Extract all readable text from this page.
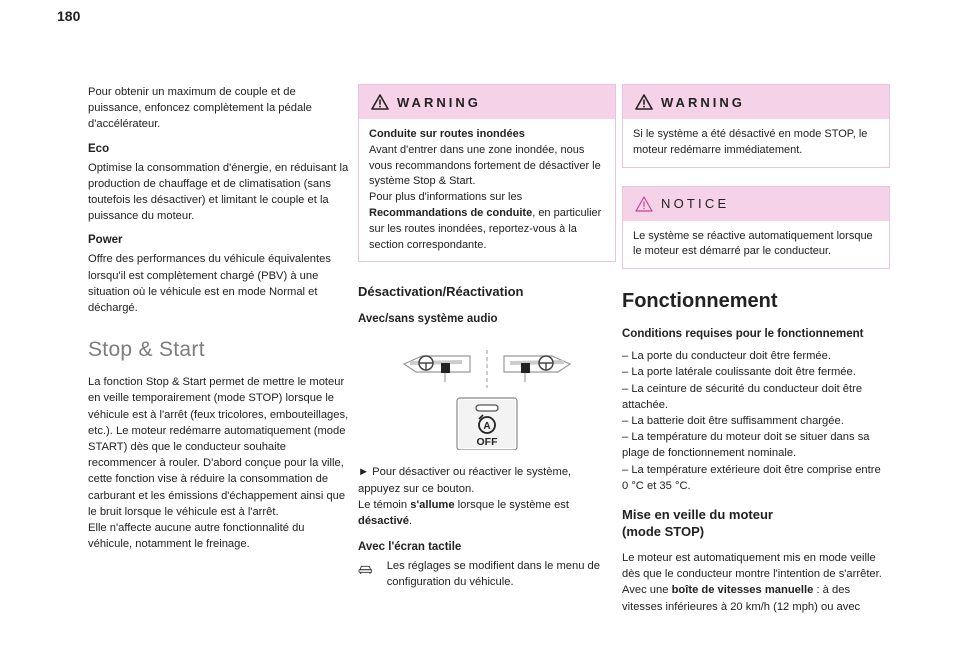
180

Pour obtenir un maximum de couple et de puissance, enfoncez complètement la pédale d'accélérateur.

Eco

Optimise la consommation d'énergie, en réduisant la production de chauffage et de climatisation (sans toutefois les désactiver) et limitant le couple et la puissance du moteur.

Power

Offre des performances du véhicule équivalentes lorsqu'il est complètement chargé (PBV) à une situation où le véhicule est en mode Normal et déchargé.

Stop & Start

La fonction Stop & Start permet de mettre le moteur en veille temporairement (mode STOP) lorsque le véhicule est à l'arrêt (feux tricolores, embouteillages, etc.). Le moteur redémarre automatiquement (mode START) dès que le conducteur souhaite recommencer à rouler. D'abord conçue pour la ville, cette fonction vise à réduire la consommation de carburant et les émissions d'échappement ainsi que le bruit lorsque le véhicule est à l'arrêt.

Elle n'affecte aucune autre fonctionnalité du véhicule, notamment le freinage.

WARNING
Conduite sur routes inondées
Avant d'entrer dans une zone inondée, nous vous recommandons fortement de désactiver le système Stop & Start.
Pour plus d'informations sur les Recommandations de conduite, en particulier sur les routes inondées, reportez-vous à la section correspondante.
Désactivation/Réactivation
Avec/sans système audio
A
OFF

► Pour désactiver ou réactiver le système, appuyez sur ce bouton.

Le témoin s'allume lorsque le système est désactivé.

Avec l'écran tactile

Les réglages se modifient dans le menu de configuration du véhicule.

WARNING
Si le système a été désactivé en mode STOP, le moteur redémarre immédiatement.
NOTICE
Le système se réactive automatiquement lorsque le moteur est démarré par le conducteur.
Fonctionnement
Conditions requises pour le fonctionnement

– La porte du conducteur doit être fermée.

– La porte latérale coulissante doit être fermée.

– La ceinture de sécurité du conducteur doit être attachée.

– La batterie doit être suffisamment chargée.

– La température du moteur doit se situer dans sa plage de fonctionnement nominale.

– La température extérieure doit être comprise entre 0 °C et 35 °C.

Mise en veille du moteur (mode STOP)

Le moteur est automatiquement mis en mode veille dès que le conducteur montre l'intention de s'arrêter.

Avec une boîte de vitesses manuelle : à des vitesses inférieures à 20 km/h (12 mph) ou avec
